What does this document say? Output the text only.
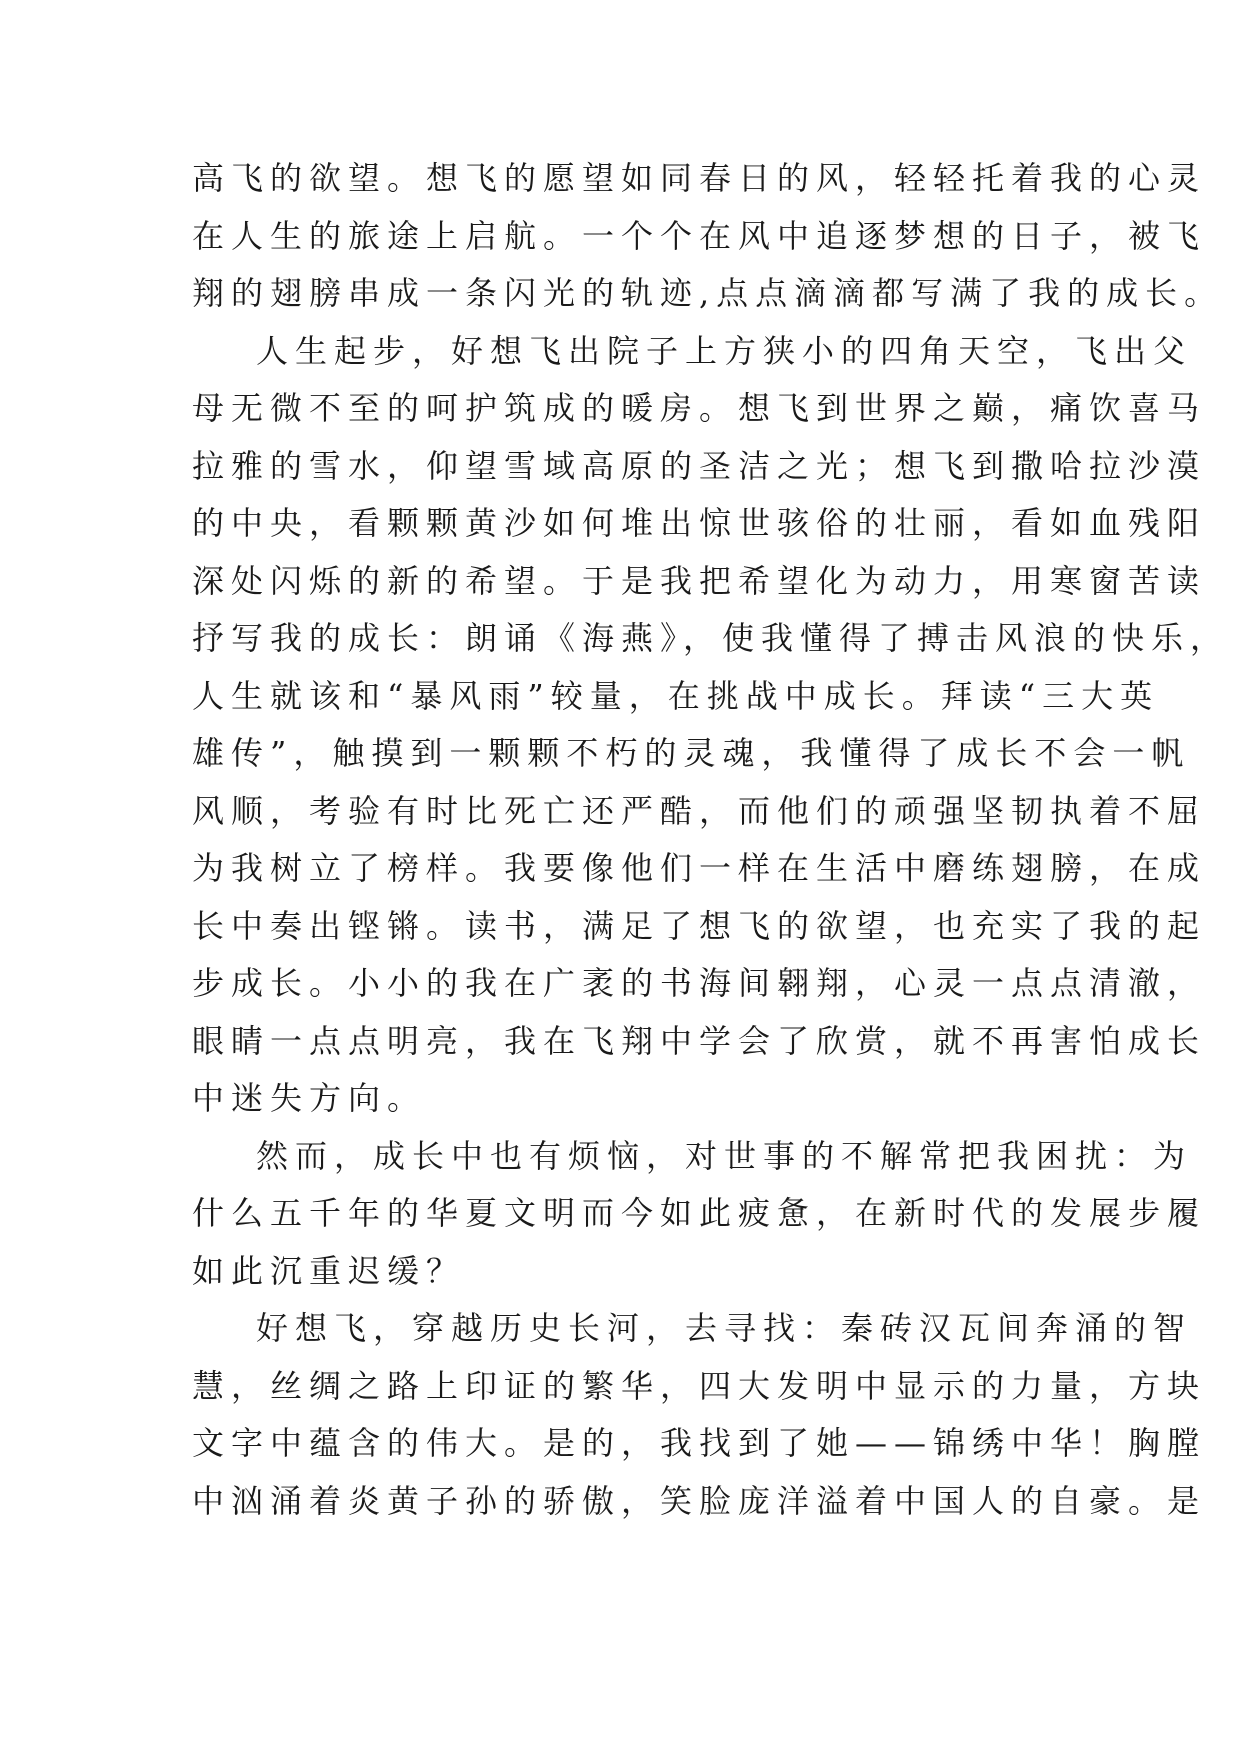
高飞的欲望。想飞的愿望如同春日的风，轻轻托着我的心灵
在人生的旅途上启航。一个个在风中追逐梦想的日子，被飞
翔的翅膀串成一条闪光的轨迹,点点滴滴都写满了我的成长。
人生起步，好想飞出院子上方狭小的四角天空，飞出父
母无微不至的呵护筑成的暖房。想飞到世界之巅，痛饮喜马
拉雅的雪水，仰望雪域高原的圣洁之光；想飞到撒哈拉沙漠
的中央，看颗颗黄沙如何堆出惊世骇俗的壮丽，看如血残阳
深处闪烁的新的希望。于是我把希望化为动力，用寒窗苦读
抒写我的成长：朗诵《海燕》，使我懂得了搏击风浪的快乐，
人生就该和“暴风雨”较量，在挑战中成长。拜读“三大英
雄传”，触摸到一颗颗不朽的灵魂，我懂得了成长不会一帆
风顺，考验有时比死亡还严酷，而他们的顽强坚韧执着不屈
为我树立了榜样。我要像他们一样在生活中磨练翅膀，在成
长中奏出铿锵。读书，满足了想飞的欲望，也充实了我的起
步成长。小小的我在广袤的书海间翱翔，心灵一点点清澈，
眼睛一点点明亮，我在飞翔中学会了欣赏，就不再害怕成长
中迷失方向。
然而，成长中也有烦恼，对世事的不解常把我困扰：为
什么五千年的华夏文明而今如此疲惫，在新时代的发展步履
如此沉重迟缓？
好想飞，穿越历史长河，去寻找：秦砖汉瓦间奔涌的智
慧，丝绸之路上印证的繁华，四大发明中显示的力量，方块
文字中蕴含的伟大。是的，我找到了她——锦绣中华！胸膛
中汹涌着炎黄子孙的骄傲，笑脸庞洋溢着中国人的自豪。是
